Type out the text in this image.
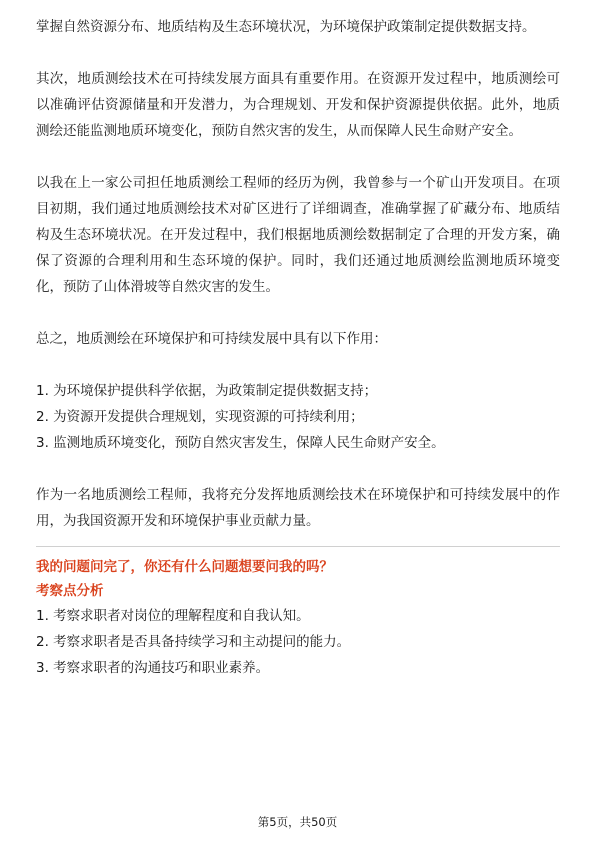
掌握自然资源分布、地质结构及生态环境状况，为环境保护政策制定提供数据支持。

其次，地质测绘技术在可持续发展方面具有重要作用。在资源开发过程中，地质测绘可以准确评估资源储量和开发潜力，为合理规划、开发和保护资源提供依据。此外，地质测绘还能监测地质环境变化，预防自然灾害的发生，从而保障人民生命财产安全。

以我在上一家公司担任地质测绘工程师的经历为例，我曾参与一个矿山开发项目。在项目初期，我们通过地质测绘技术对矿区进行了详细调查，准确掌握了矿藏分布、地质结构及生态环境状况。在开发过程中，我们根据地质测绘数据制定了合理的开发方案，确保了资源的合理利用和生态环境的保护。同时，我们还通过地质测绘监测地质环境变化，预防了山体滑坡等自然灾害的发生。

总之，地质测绘在环境保护和可持续发展中具有以下作用：

1. 为环境保护提供科学依据，为政策制定提供数据支持；

2. 为资源开发提供合理规划，实现资源的可持续利用；

3. 监测地质环境变化，预防自然灾害发生，保障人民生命财产安全。

作为一名地质测绘工程师，我将充分发挥地质测绘技术在环境保护和可持续发展中的作用，为我国资源开发和环境保护事业贡献力量。

我的问题问完了，你还有什么问题想要问我的吗？

考察点分析

1. 考察求职者对岗位的理解程度和自我认知。

2. 考察求职者是否具备持续学习和主动提问的能力。

3. 考察求职者的沟通技巧和职业素养。

第5页，共50页
